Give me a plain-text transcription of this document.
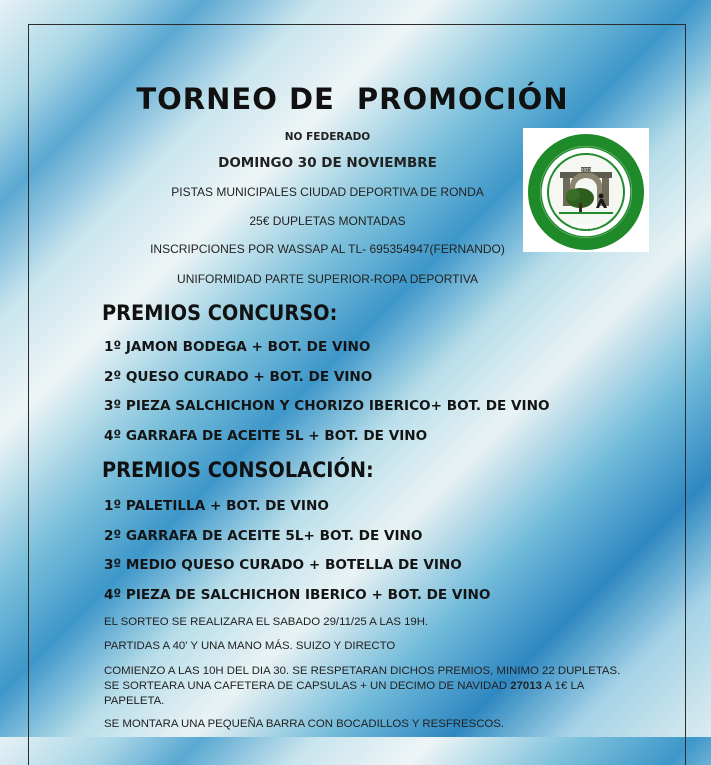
TORNEO DE PROMOCIÓN
NO FEDERADO
DOMINGO 30 DE NOVIEMBRE
PISTAS MUNICIPALES CIUDAD DEPORTIVA DE RONDA
25€ DUPLETAS MONTADAS
INSCRIPCIONES POR WASSAP AL TL- 695354947(FERNANDO)
UNIFORMIDAD PARTE SUPERIOR-ROPA DEPORTIVA
CLUB DE PETANCA LA ENCINA
RONDA
2023
PREMIOS CONCURSO:
1º JAMON BODEGA + BOT. DE VINO
2º QUESO CURADO + BOT. DE VINO
3º PIEZA SALCHICHON Y CHORIZO IBERICO+ BOT. DE VINO
4º GARRAFA DE ACEITE 5L + BOT. DE VINO
PREMIOS CONSOLACIÓN:
1º PALETILLA + BOT. DE VINO
2º GARRAFA DE ACEITE 5L+ BOT. DE VINO
3º MEDIO QUESO CURADO + BOTELLA DE VINO
4º PIEZA DE SALCHICHON IBERICO + BOT. DE VINO
EL SORTEO SE REALIZARA EL SABADO 29/11/25 A LAS 19H.
PARTIDAS A 40' Y UNA MANO MÁS. SUIZO Y DIRECTO
COMIENZO A LAS 10H DEL DIA 30. SE RESPETARAN DICHOS PREMIOS, MINIMO 22 DUPLETAS. SE SORTEARA UNA CAFETERA DE CAPSULAS + UN DECIMO DE NAVIDAD 27013 A 1€ LA PAPELETA.
SE MONTARA UNA PEQUEÑA BARRA CON BOCADILLOS Y RESFRESCOS.
